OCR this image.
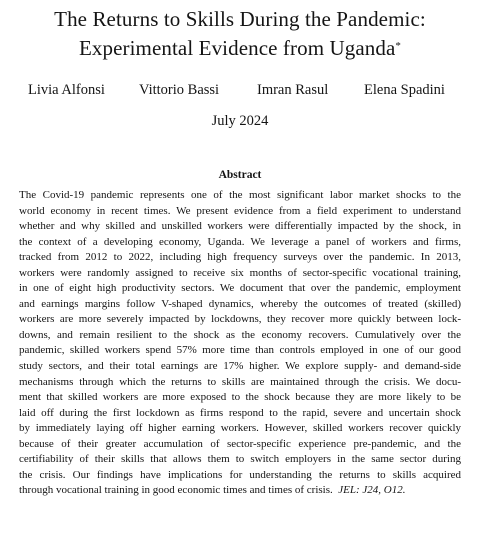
The Returns to Skills During the Pandemic:
Experimental Evidence from Uganda*
Livia Alfonsi Vittorio Bassi	Imran Rasul Elena Spadini
July 2024
Abstract
The Covid-19 pandemic represents one of the most significant labor market shocks to the
world economy in recent times. We present evidence from a field experiment to understand
whether and why skilled and unskilled workers were differentially impacted by the shock, in
the context of a developing economy, Uganda. We leverage a panel of workers and firms,
tracked from 2012 to 2022, including high frequency surveys over the pandemic. In 2013,
workers were randomly assigned to receive six months of sector-specific vocational training,
in one of eight high productivity sectors. We document that over the pandemic, employment
and earnings margins follow V-shaped dynamics, whereby the outcomes of treated (skilled)
workers are more severely impacted by lockdowns, they recover more quickly between lock-
downs, and remain resilient to the shock as the economy recovers. Cumulatively over the
pandemic, skilled workers spend 57% more time than controls employed in one of our good
study sectors, and their total earnings are 17% higher. We explore supply- and demand-side
mechanisms through which the returns to skills are maintained through the crisis. We docu-
ment that skilled workers are more exposed to the shock because they are more likely to be
laid off during the first lockdown as firms respond to the rapid, severe and uncertain shock
by immediately laying off higher earning workers. However, skilled workers recover quickly
because of their greater accumulation of sector-specific experience pre-pandemic, and the
certifiability of their skills that allows them to switch employers in the same sector during
the crisis. Our findings have implications for understanding the returns to skills acquired
through vocational training in good economic times and times of crisis. JEL: J24, O12.
